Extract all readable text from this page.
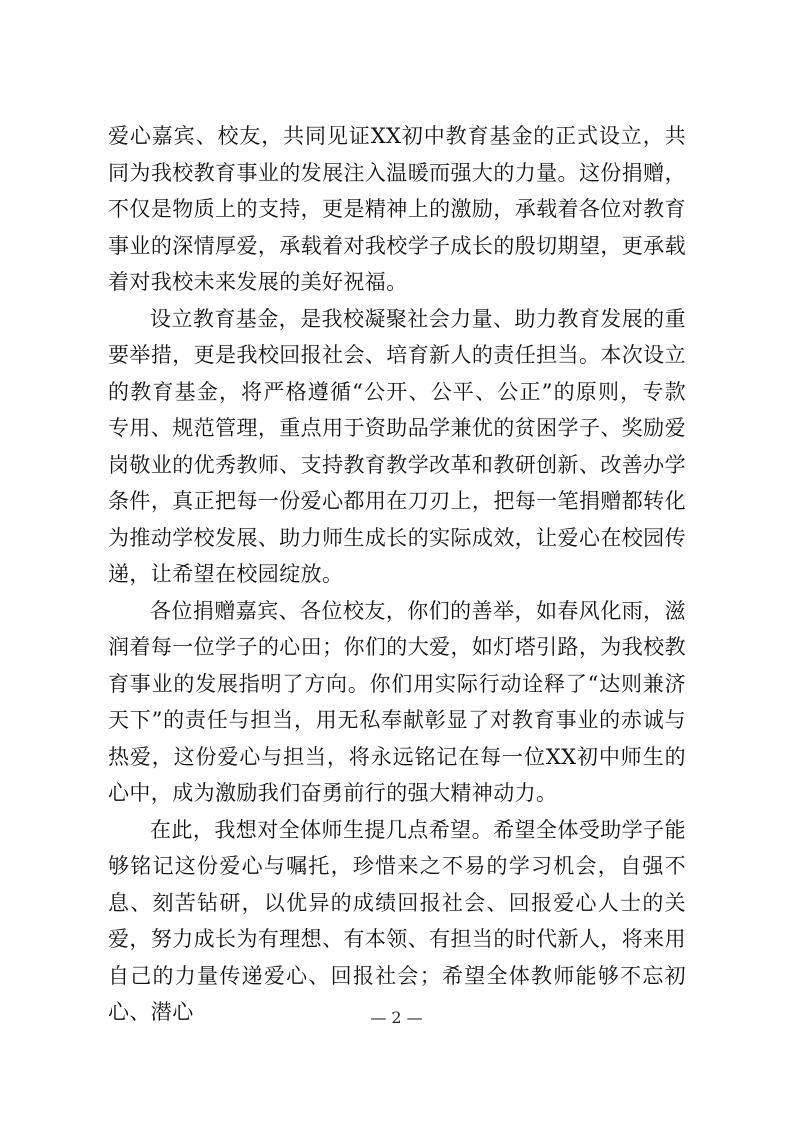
爱心嘉宾、校友，共同见证XX初中教育基金的正式设立，共同为我校教育事业的发展注入温暖而强大的力量。这份捐赠，不仅是物质上的支持，更是精神上的激励，承载着各位对教育事业的深情厚爱，承载着对我校学子成长的殷切期望，更承载着对我校未来发展的美好祝福。

设立教育基金，是我校凝聚社会力量、助力教育发展的重要举措，更是我校回报社会、培育新人的责任担当。本次设立的教育基金，将严格遵循“公开、公平、公正”的原则，专款专用、规范管理，重点用于资助品学兼优的贫困学子、奖励爱岗敬业的优秀教师、支持教育教学改革和教研创新、改善办学条件，真正把每一份爱心都用在刀刃上，把每一笔捐赠都转化为推动学校发展、助力师生成长的实际成效，让爱心在校园传递，让希望在校园绽放。

各位捐赠嘉宾、各位校友，你们的善举，如春风化雨，滋润着每一位学子的心田；你们的大爱，如灯塔引路，为我校教育事业的发展指明了方向。你们用实际行动诠释了“达则兼济天下”的责任与担当，用无私奉献彰显了对教育事业的赤诚与热爱，这份爱心与担当，将永远铭记在每一位XX初中师生的心中，成为激励我们奋勇前行的强大精神动力。

在此，我想对全体师生提几点希望。希望全体受助学子能够铭记这份爱心与嘱托，珍惜来之不易的学习机会，自强不息、刻苦钻研，以优异的成绩回报社会、回报爱心人士的关爱，努力成长为有理想、有本领、有担当的时代新人，将来用自己的力量传递爱心、回报社会；希望全体教师能够不忘初心、潜心	— 2 —
